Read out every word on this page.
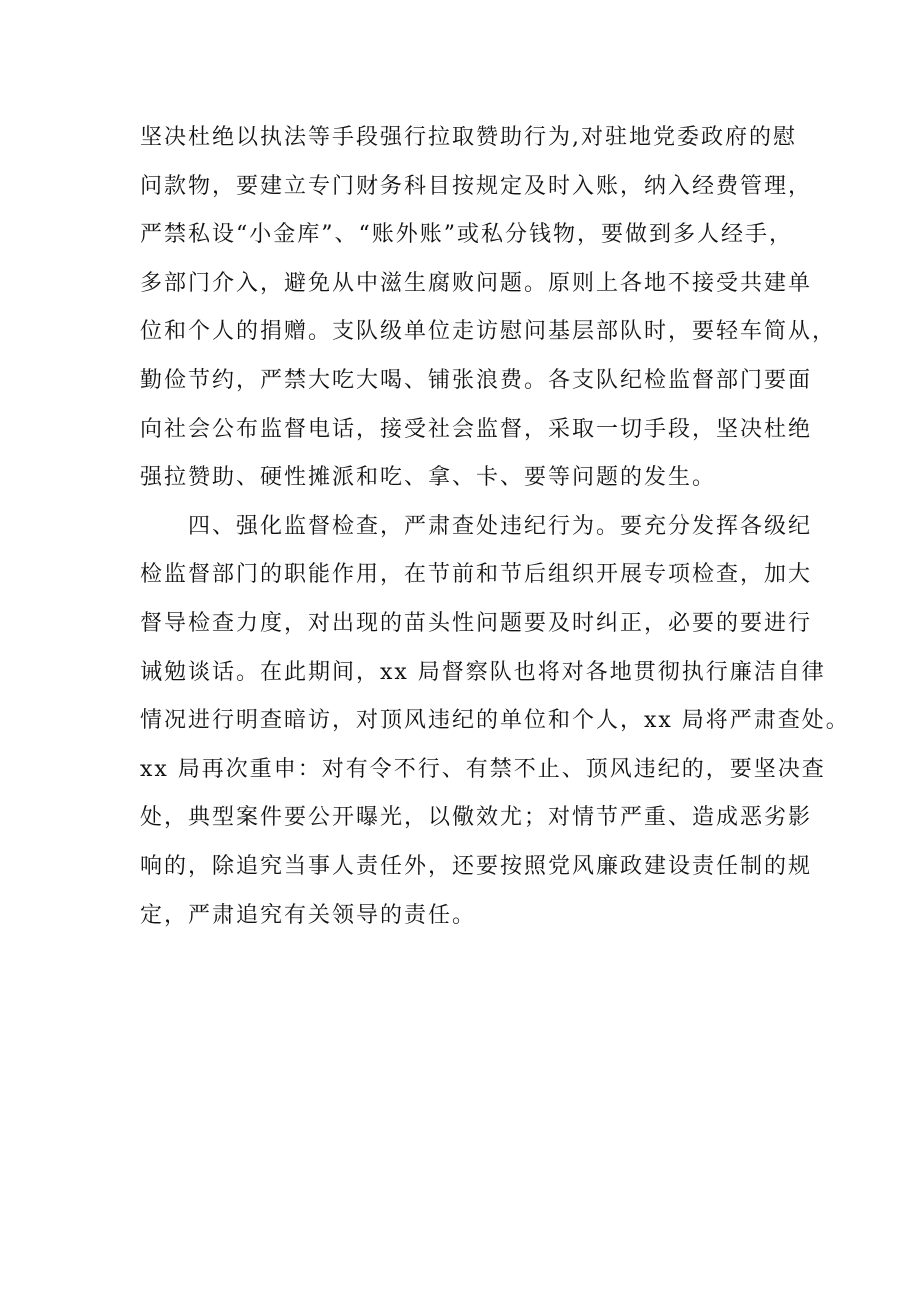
坚决杜绝以执法等手段强行拉取赞助行为,对驻地党委政府的慰
问款物，要建立专门财务科目按规定及时入账，纳入经费管理，
严禁私设“小金库”、“账外账”或私分钱物，要做到多人经手，
多部门介入，避免从中滋生腐败问题。原则上各地不接受共建单
位和个人的捐赠。支队级单位走访慰问基层部队时，要轻车简从，
勤俭节约，严禁大吃大喝、铺张浪费。各支队纪检监督部门要面
向社会公布监督电话，接受社会监督，采取一切手段，坚决杜绝
强拉赞助、硬性摊派和吃、拿、卡、要等问题的发生。
四、强化监督检查，严肃查处违纪行为。要充分发挥各级纪
检监督部门的职能作用，在节前和节后组织开展专项检查，加大
督导检查力度，对出现的苗头性问题要及时纠正，必要的要进行
诫勉谈话。在此期间，xx 局督察队也将对各地贯彻执行廉洁自律
情况进行明查暗访，对顶风违纪的单位和个人，xx 局将严肃查处。
xx 局再次重申：对有令不行、有禁不止、顶风违纪的，要坚决查
处，典型案件要公开曝光，以儆效尤；对情节严重、造成恶劣影
响的，除追究当事人责任外，还要按照党风廉政建设责任制的规
定，严肃追究有关领导的责任。
